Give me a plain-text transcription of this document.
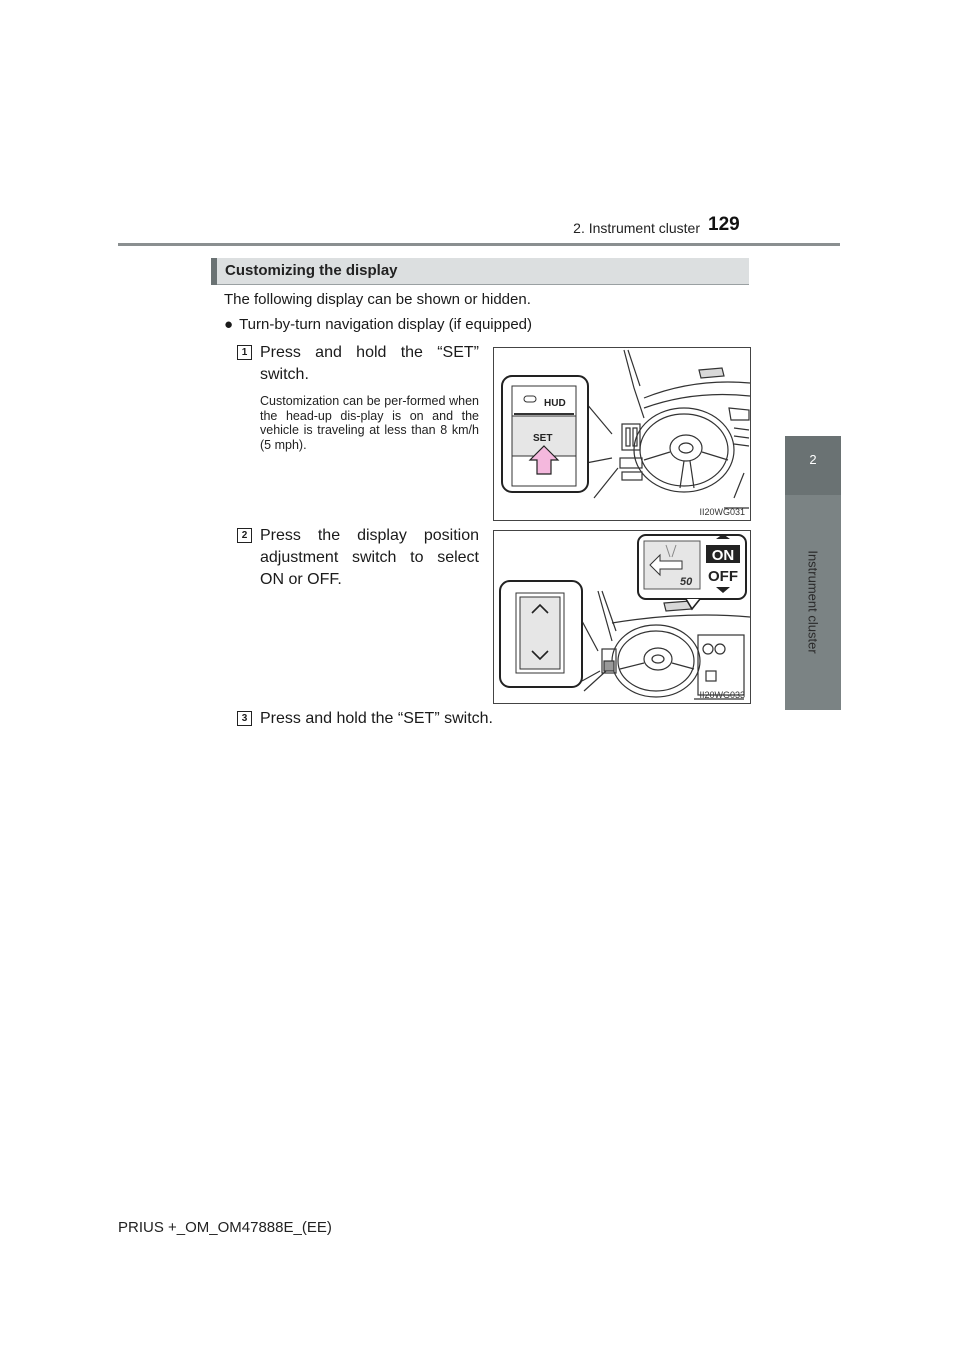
2. Instrument cluster 129
2
Instrument cluster
Customizing the display
The following display can be shown or hidden.
● Turn-by-turn navigation display (if equipped)
1 Press and hold the “SET” switch.
Customization can be per-formed when the head-up dis-play is on and the vehicle is traveling at less than 8 km/h (5 mph).
HUD
SET
II20WG031
2 Press the display position adjustment switch to select ON or OFF.	50
ON
OFF
II20WG033
3 Press and hold the “SET” switch.
PRIUS +_OM_OM47888E_(EE)
